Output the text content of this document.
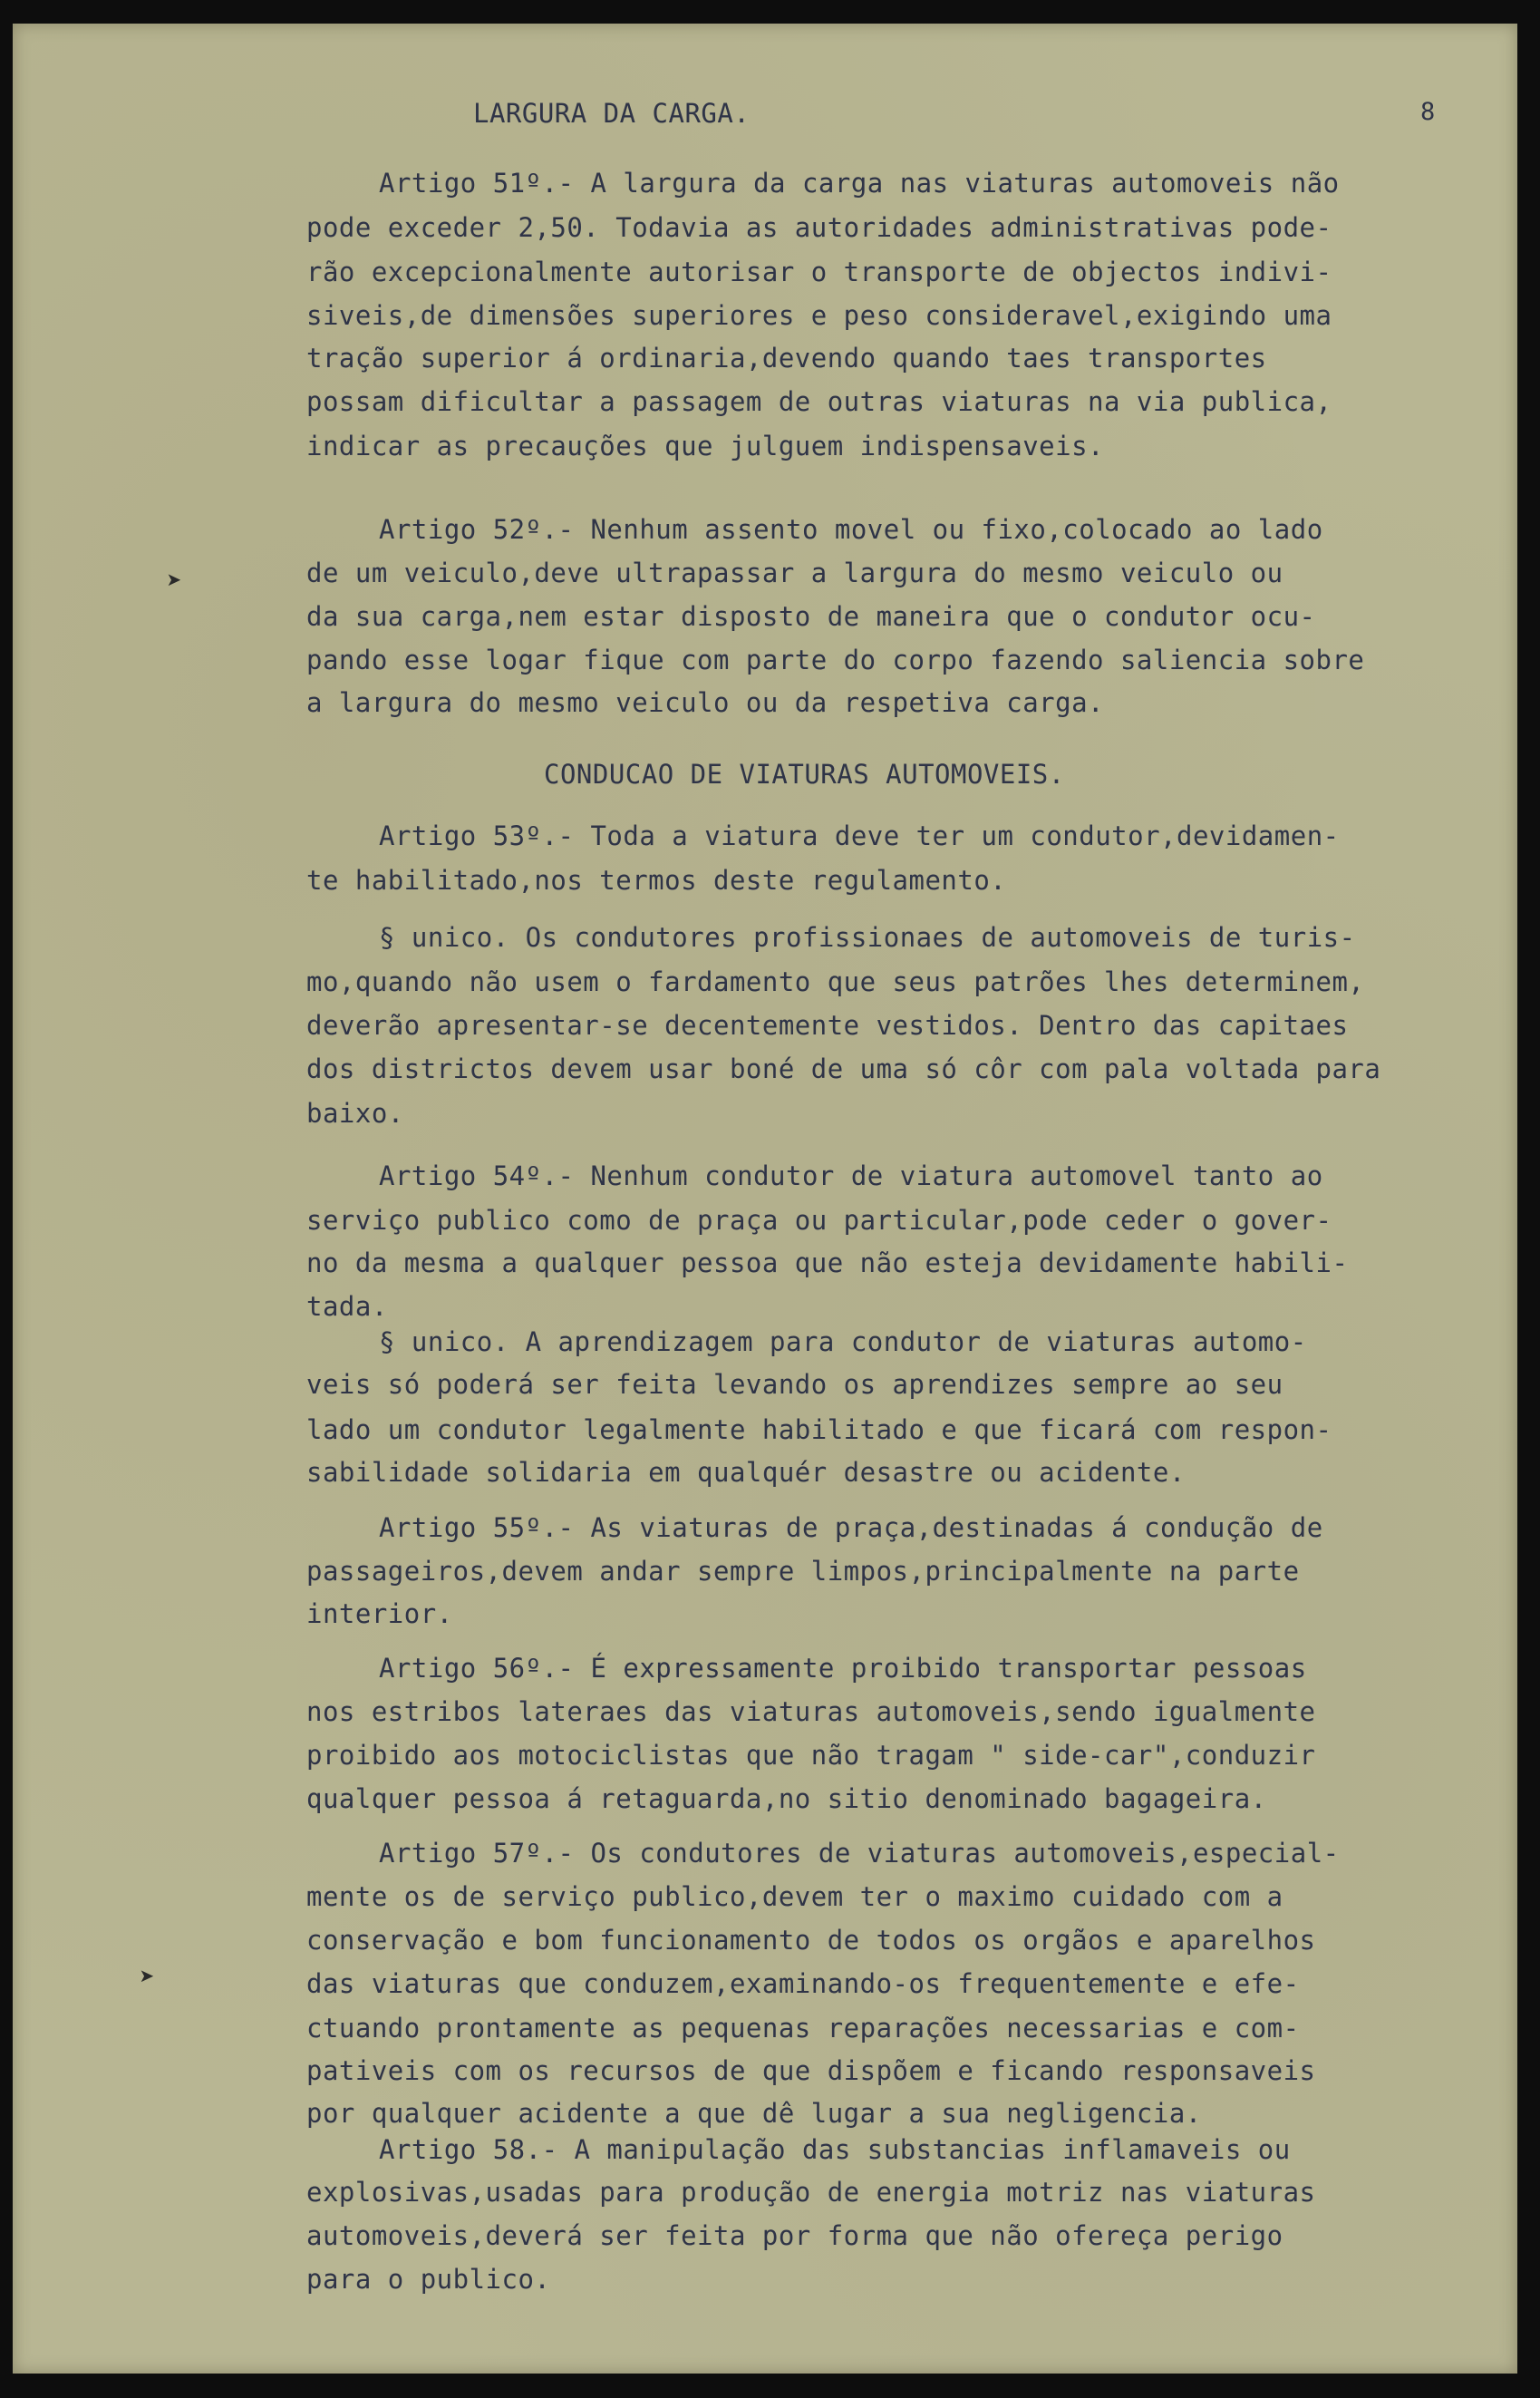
8
➤
➤
LARGURA DA CARGA.
Artigo 51º.- A largura da carga nas viaturas automoveis não
pode exceder 2,50. Todavia as autoridades administrativas pode-
rão excepcionalmente autorisar o transporte de objectos indivi-
siveis,de dimensões superiores e peso consideravel,exigindo uma
tração superior á ordinaria,devendo quando taes transportes
possam dificultar a passagem de outras viaturas na via publica,
indicar as precauções que julguem indispensaveis.
Artigo 52º.- Nenhum assento movel ou fixo,colocado ao lado
de um veiculo,deve ultrapassar a largura do mesmo veiculo ou
da sua carga,nem estar disposto de maneira que o condutor ocu-
pando esse logar fique com parte do corpo fazendo saliencia sobre
a largura do mesmo veiculo ou da respetiva carga.
CONDUCAO DE VIATURAS AUTOMOVEIS.
Artigo 53º.- Toda a viatura deve ter um condutor,devidamen-
te habilitado,nos termos deste regulamento.
§ unico. Os condutores profissionaes de automoveis de turis-
mo,quando não usem o fardamento que seus patrões lhes determinem,
deverão apresentar-se decentemente vestidos. Dentro das capitaes
dos districtos devem usar boné de uma só côr com pala voltada para
baixo.
Artigo 54º.- Nenhum condutor de viatura automovel tanto ao
serviço publico como de praça ou particular,pode ceder o gover-
no da mesma a qualquer pessoa que não esteja devidamente habili-
tada.
§ unico. A aprendizagem para condutor de viaturas automo-
veis só poderá ser feita levando os aprendizes sempre ao seu
lado um condutor legalmente habilitado e que ficará com respon-
sabilidade solidaria em qualquér desastre ou acidente.
Artigo 55º.- As viaturas de praça,destinadas á condução de
passageiros,devem andar sempre limpos,principalmente na parte
interior.
Artigo 56º.- É expressamente proibido transportar pessoas
nos estribos lateraes das viaturas automoveis,sendo igualmente
proibido aos motociclistas que não tragam " side-car",conduzir
qualquer pessoa á retaguarda,no sitio denominado bagageira.
Artigo 57º.- Os condutores de viaturas automoveis,especial-
mente os de serviço publico,devem ter o maximo cuidado com a
conservação e bom funcionamento de todos os orgãos e aparelhos
das viaturas que conduzem,examinando-os frequentemente e efe-
ctuando prontamente as pequenas reparações necessarias e com-
pativeis com os recursos de que dispõem e ficando responsaveis
por qualquer acidente a que dê lugar a sua negligencia.
Artigo 58.- A manipulação das substancias inflamaveis ou
explosivas,usadas para produção de energia motriz nas viaturas
automoveis,deverá ser feita por forma que não ofereça perigo
para o publico.
